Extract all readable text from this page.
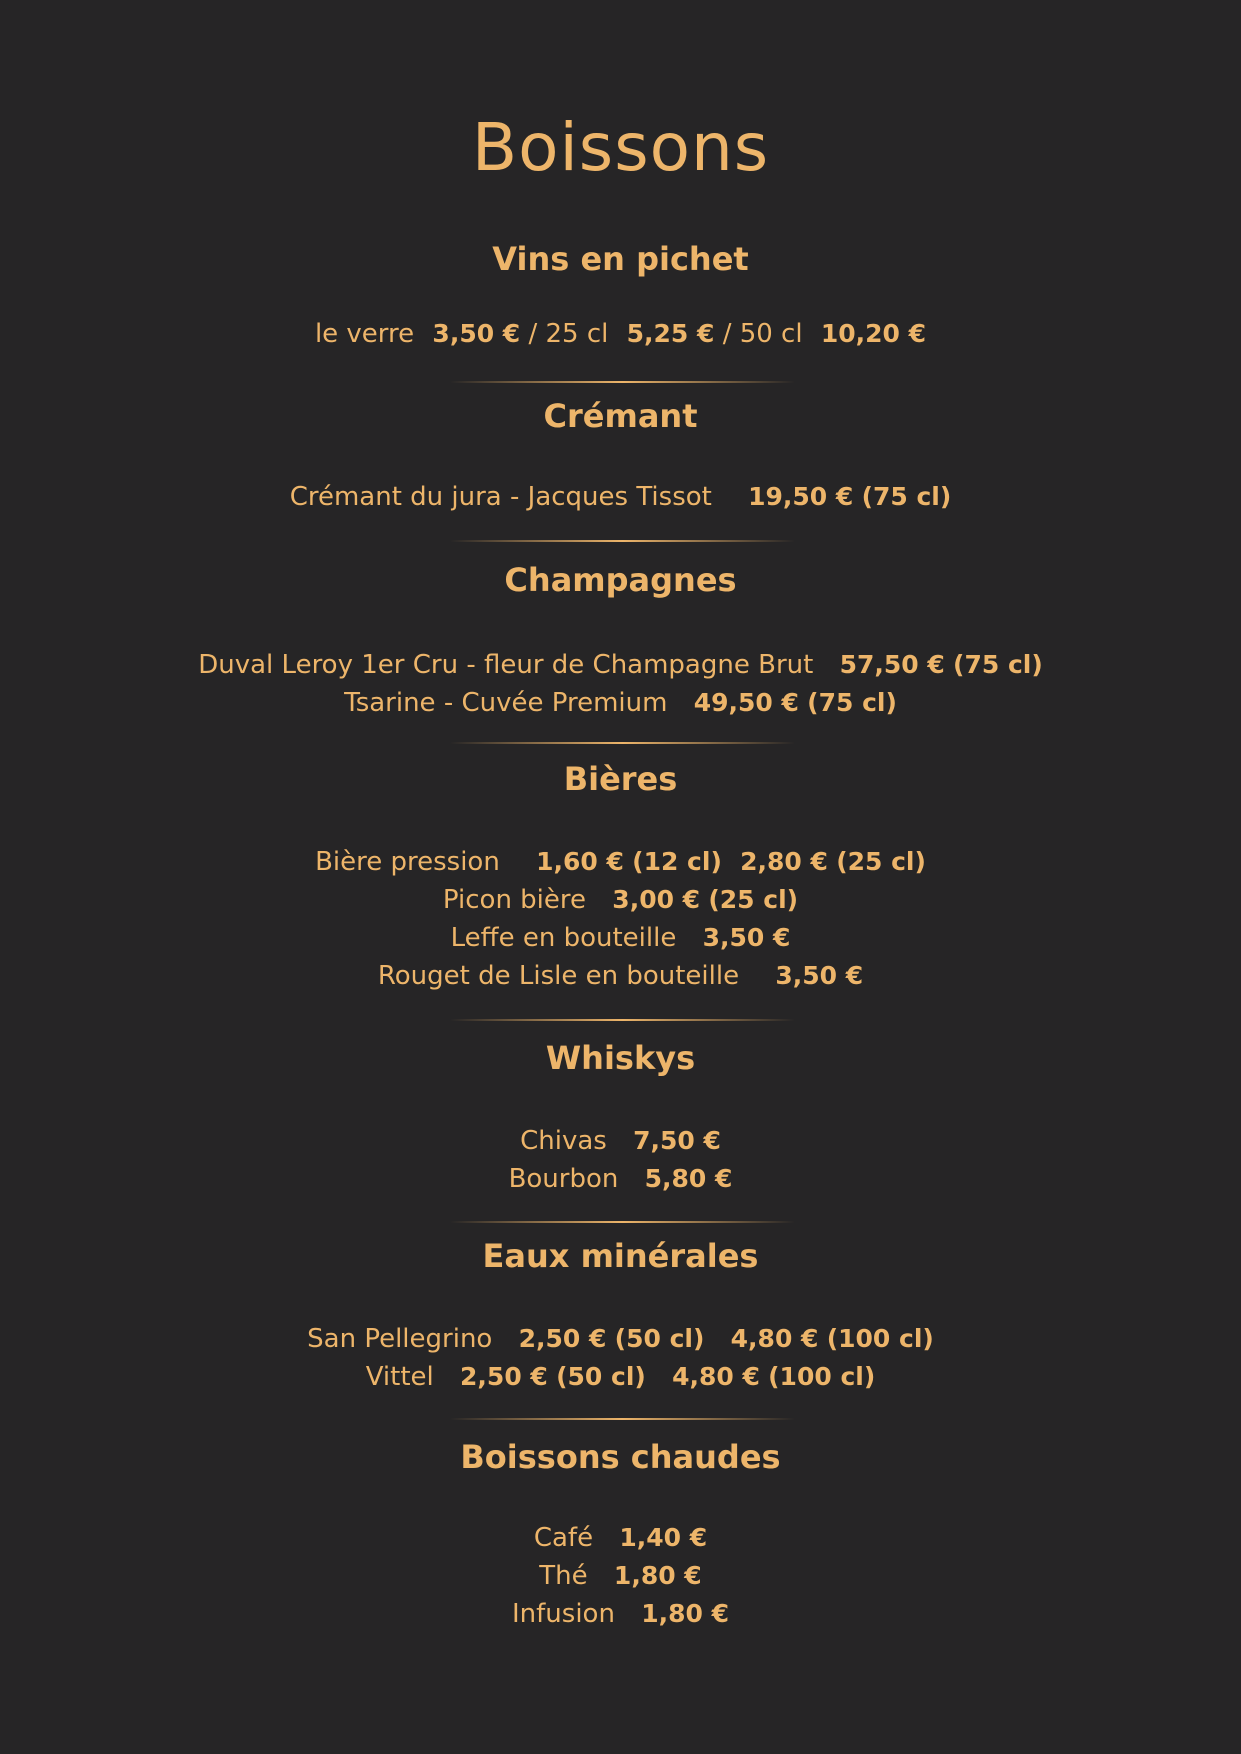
Boissons
Vins en pichet
le verre 3,50 € / 25 cl 5,25 € / 50 cl 10,20 €
Crémant
Crémant du jura - Jacques Tissot 19,50 € (75 cl)
Champagnes
Duval Leroy 1er Cru - fleur de Champagne Brut 57,50 € (75 cl)
Tsarine - Cuvée Premium 49,50 € (75 cl)
Bières
Bière pression 1,60 € (12 cl) 2,80 € (25 cl)
Picon bière 3,00 € (25 cl)
Leffe en bouteille 3,50 €
Rouget de Lisle en bouteille 3,50 €
Whiskys
Chivas 7,50 €
Bourbon 5,80 €
Eaux minérales
San Pellegrino 2,50 € (50 cl) 4,80 € (100 cl)
Vittel 2,50 € (50 cl) 4,80 € (100 cl)
Boissons chaudes
Café 1,40 €
Thé 1,80 €
Infusion 1,80 €
